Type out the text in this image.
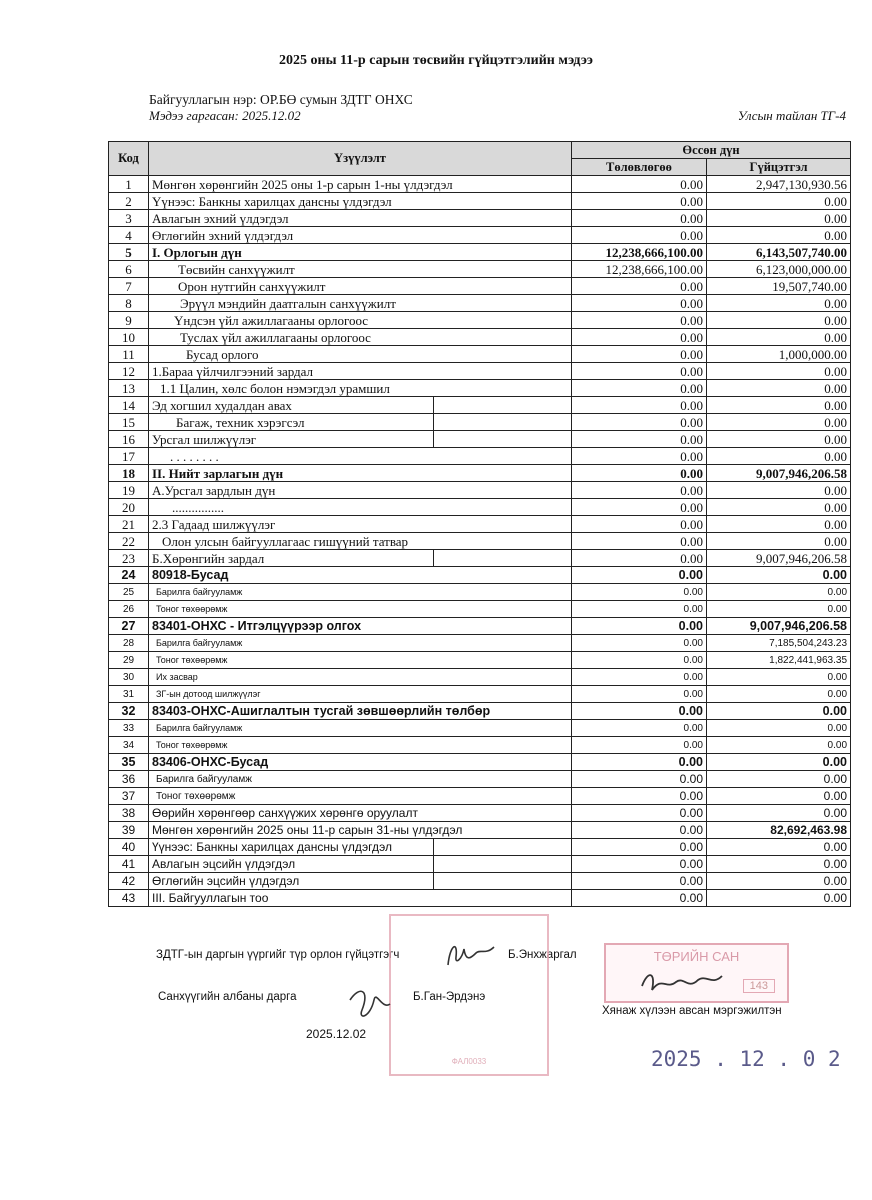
2025 оны 11-р сарын төсвийн гүйцэтгэлийн мэдээ
Байгууллагын нэр: ОР.БӨ сумын ЗДТГ ОНХС
Мэдээ гаргасан: 2025.12.02	Улсын тайлан ТГ-4
Код	Үзүүлэлт	Өссөн дүн	
		Төлөвлөгөө	Гүйцэтгэл
1	Мөнгөн хөрөнгийн 2025 оны 1-р сарын 1-ны үлдэгдэл	0.00	2,947,130,930.56
2	Үүнээс: Банкны харилцах дансны үлдэгдэл	0.00	0.00
3	Авлагын эхний үлдэгдэл	0.00	0.00
4	Өглөгийн эхний үлдэгдэл	0.00	0.00
5	I. Орлогын дүн	12,238,666,100.00	6,143,507,740.00
6	Төсвийн санхүүжилт	12,238,666,100.00	6,123,000,000.00
7	Орон нутгийн санхүүжилт	0.00	19,507,740.00
8	Эрүүл мэндийн даатгалын санхүүжилт	0.00	0.00
9	Үндсэн үйл ажиллагааны орлогоос	0.00	0.00
10	Туслах үйл ажиллагааны орлогоос	0.00	0.00
11	Бусад орлого	0.00	1,000,000.00
12	1.Бараа үйлчилгээний зардал	0.00	0.00
13	1.1 Цалин, хөлс болон нэмэгдэл урамшил	0.00	0.00
14	Эд хогшил худалдан авах	0.00	0.00
15	Багаж, техник хэрэгсэл	0.00	0.00
16	Урсгал шилжүүлэг	0.00	0.00
17	. . . . . . . .	0.00	0.00
18	II. Нийт зарлагын дүн	0.00	9,007,946,206.58
19	А.Урсгал зардлын дүн	0.00	0.00
20	................	0.00	0.00
21	2.3 Гадаад шилжүүлэг	0.00	0.00
22	Олон улсын байгууллагаас гишүүний татвар	0.00	0.00
23	Б.Хөрөнгийн зардал	0.00	9,007,946,206.58
24	80918-Бусад	0.00	0.00
25	Барилга байгууламж	0.00	0.00
26	Тоног төхөөрөмж	0.00	0.00
27	83401-ОНХС - Итгэлцүүрээр олгох	0.00	9,007,946,206.58
28	Барилга байгууламж	0.00	7,185,504,243.23
29	Тоног төхөөрөмж	0.00	1,822,441,963.35
30	Их засвар	0.00	0.00
31	ЗГ-ын дотоод шилжүүлэг	0.00	0.00
32	83403-ОНХС-Ашиглалтын тусгай зөвшөөрлийн төлбөр	0.00	0.00
33	Барилга байгууламж	0.00	0.00
34	Тоног төхөөрөмж	0.00	0.00
35	83406-ОНХС-Бусад	0.00	0.00
36	Барилга байгууламж	0.00	0.00
37	Тоног төхөөрөмж	0.00	0.00
38	Өөрийн хөрөнгөөр санхүүжих хөрөнгө оруулалт	0.00	0.00
39	Мөнгөн хөрөнгийн 2025 оны 11-р сарын 31-ны үлдэгдэл	0.00	82,692,463.98
40	Үүнээс: Банкны харилцах дансны үлдэгдэл	0.00	0.00
41	Авлагын эцсийн үлдэгдэл	0.00	0.00
42	Өглөгийн эцсийн үлдэгдэл	0.00	0.00
43	III. Байгууллагын тоо	0.00	0.00
ЗДТГ-ын даргын үүргийг түр орлон гүйцэтгэгч	Б.Энхжаргал
Санхүүгийн албаны дарга	Б.Ган-Эрдэнэ
2025.12.02
Хянаж хүлээн авсан мэргэжилтэн
ФАЛ0033
ТӨРИЙН САН
143
2025 . 12 . 0 2
